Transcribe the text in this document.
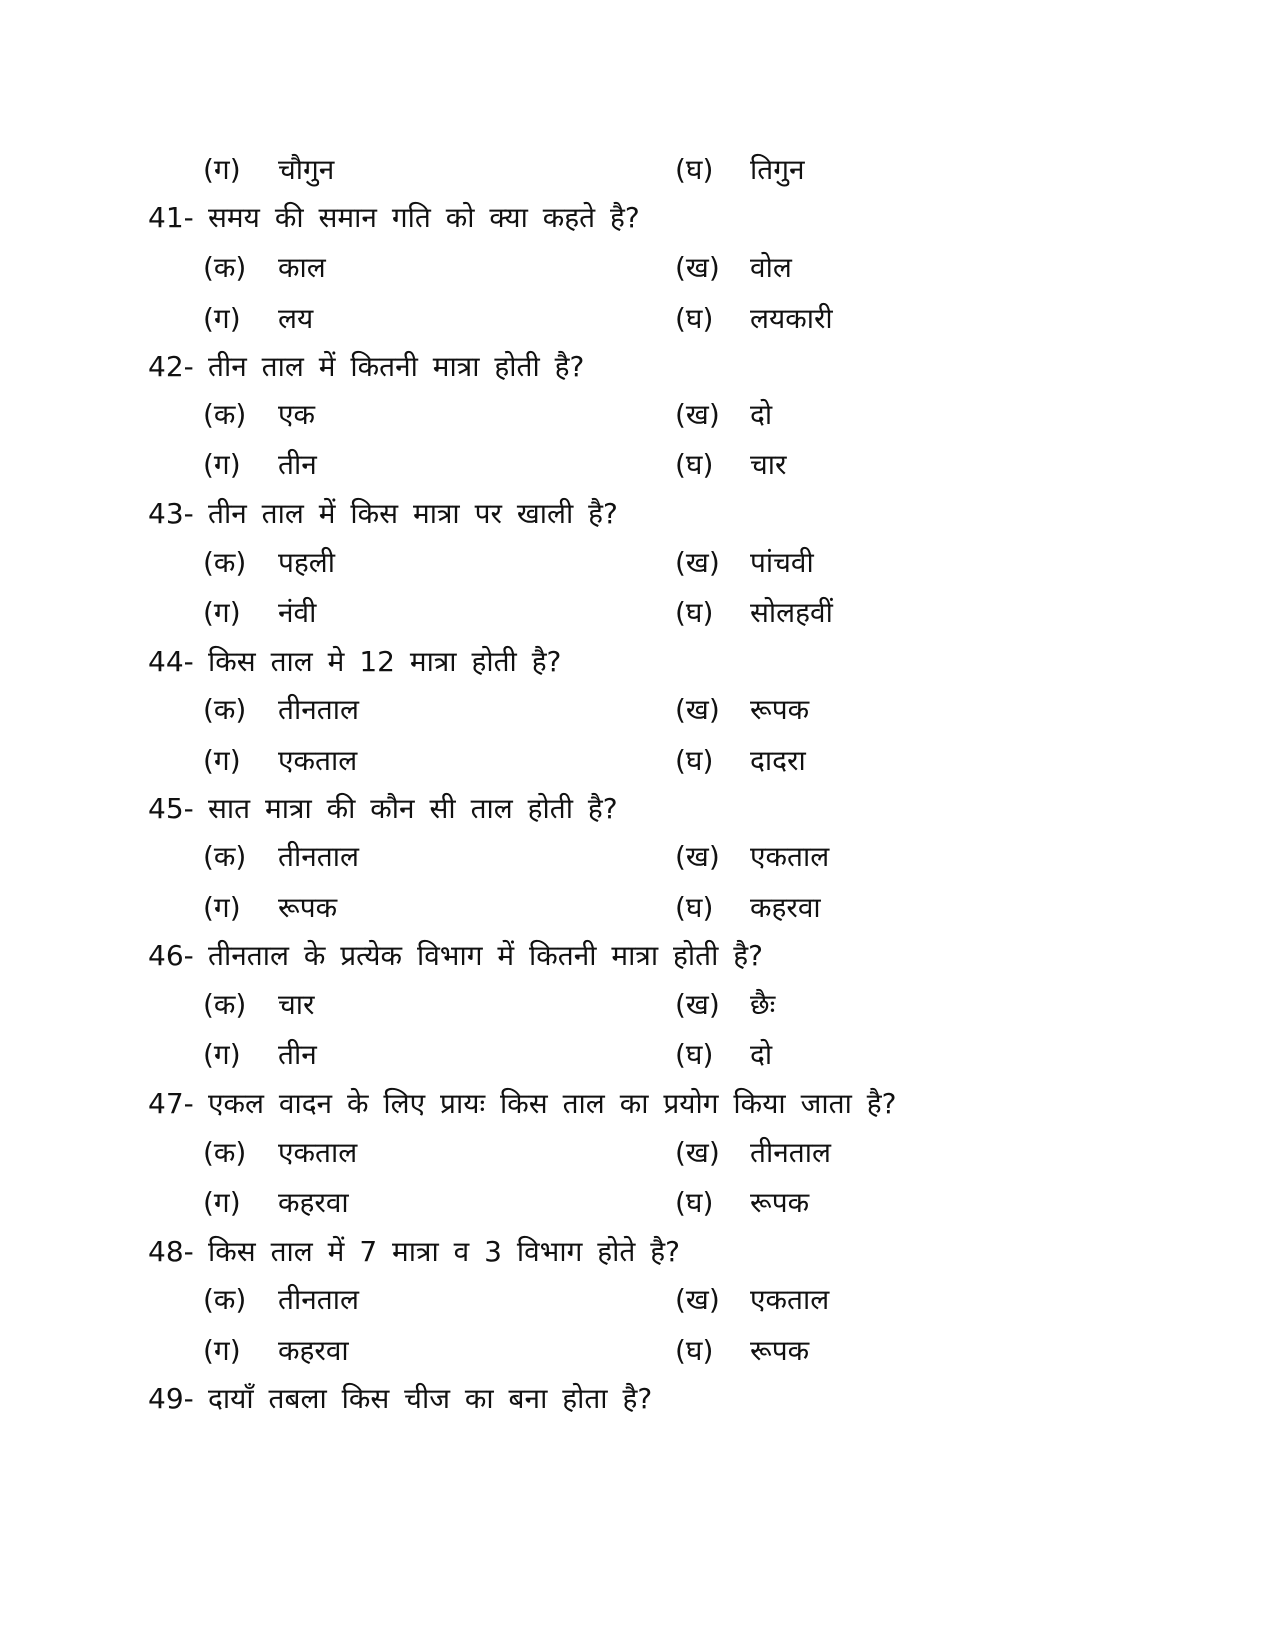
(ग) चौगुन	(घ) तिगुन
41- समय की समान गति को क्या कहते है?
(क) काल	(ख) वोल
(ग) लय	(घ) लयकारी
42- तीन ताल में कितनी मात्रा होती है?
(क) एक	(ख) दो
(ग) तीन	(घ) चार
43- तीन ताल में किस मात्रा पर खाली है?
(क) पहली	(ख) पांचवी
(ग) नंवी	(घ) सोलहवीं
44- किस ताल मे 12 मात्रा होती है?
(क) तीनताल	(ख) रूपक
(ग) एकताल	(घ) दादरा
45- सात मात्रा की कौन सी ताल होती है?
(क) तीनताल	(ख) एकताल
(ग) रूपक	(घ) कहरवा
46- तीनताल के प्रत्येक विभाग में कितनी मात्रा होती है?
(क) चार	(ख) छैः
(ग) तीन	(घ) दो
47- एकल वादन के लिए प्रायः किस ताल का प्रयोग किया जाता है?
(क) एकताल	(ख) तीनताल
(ग) कहरवा	(घ) रूपक
48- किस ताल में 7 मात्रा व 3 विभाग होते है?
(क) तीनताल	(ख) एकताल
(ग) कहरवा	(घ) रूपक
49- दायाँ तबला किस चीज का बना होता है?
